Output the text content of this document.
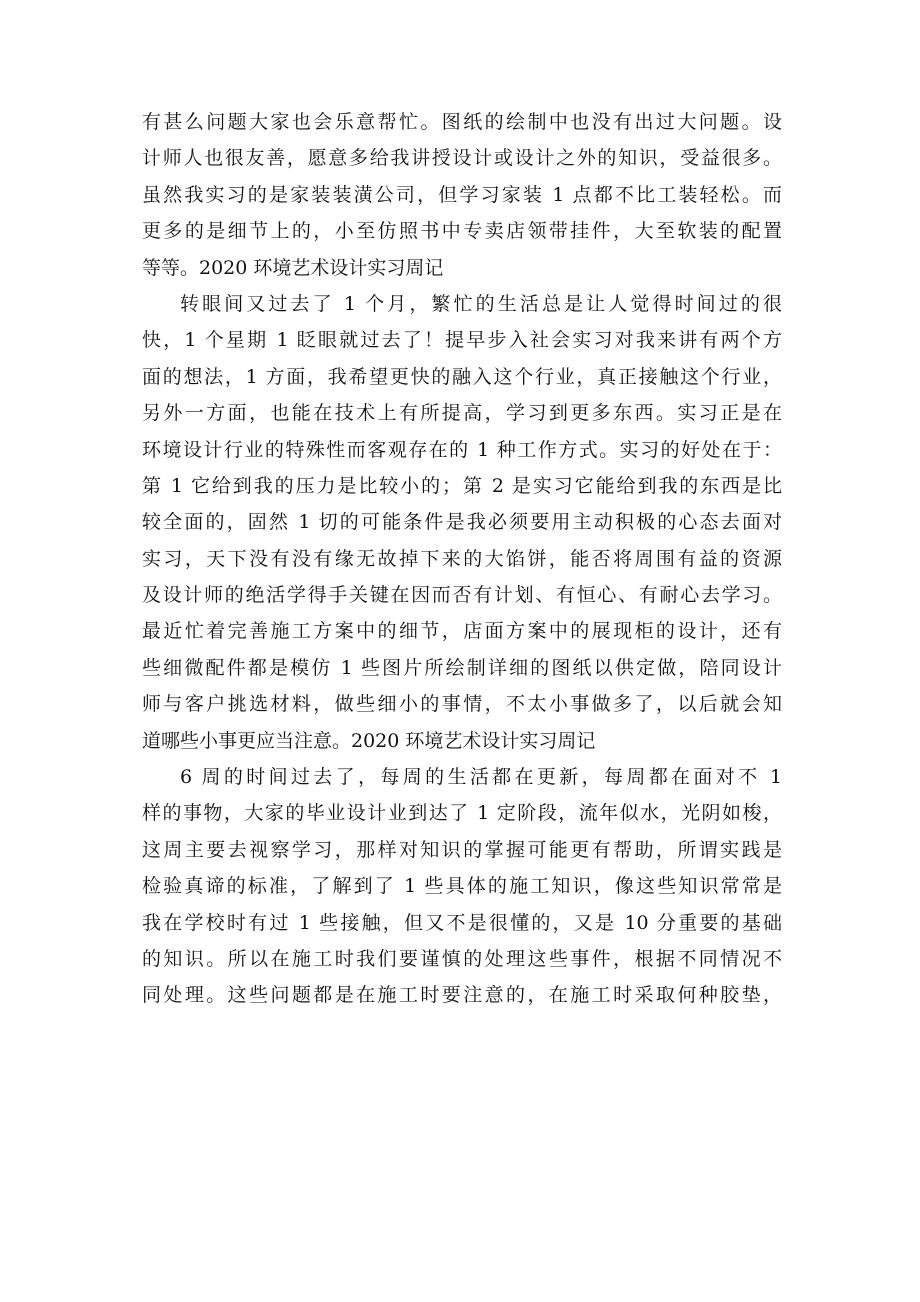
有甚么问题大家也会乐意帮忙。图纸的绘制中也没有出过大问题。设
计师人也很友善，愿意多给我讲授设计或设计之外的知识，受益很多。
虽然我实习的是家装装潢公司，但学习家装 1 点都不比工装轻松。而
更多的是细节上的，小至仿照书中专卖店领带挂件，大至软装的配置
等等。2020 环境艺术设计实习周记
转眼间又过去了 1 个月，繁忙的生活总是让人觉得时间过的很
快，1 个星期 1 眨眼就过去了！提早步入社会实习对我来讲有两个方
面的想法，1 方面，我希望更快的融入这个行业，真正接触这个行业，
另外一方面，也能在技术上有所提高，学习到更多东西。实习正是在
环境设计行业的特殊性而客观存在的 1 种工作方式。实习的好处在于：
第 1 它给到我的压力是比较小的；第 2 是实习它能给到我的东西是比
较全面的，固然 1 切的可能条件是我必须要用主动积极的心态去面对
实习，天下没有没有缘无故掉下来的大馅饼，能否将周围有益的资源
及设计师的绝活学得手关键在因而否有计划、有恒心、有耐心去学习。
最近忙着完善施工方案中的细节，店面方案中的展现柜的设计，还有
些细微配件都是模仿 1 些图片所绘制详细的图纸以供定做，陪同设计
师与客户挑选材料，做些细小的事情，不太小事做多了，以后就会知
道哪些小事更应当注意。2020 环境艺术设计实习周记
6 周的时间过去了，每周的生活都在更新，每周都在面对不 1
样的事物，大家的毕业设计业到达了 1 定阶段，流年似水，光阴如梭，
这周主要去视察学习，那样对知识的掌握可能更有帮助，所谓实践是
检验真谛的标准，了解到了 1 些具体的施工知识，像这些知识常常是
我在学校时有过 1 些接触，但又不是很懂的，又是 10 分重要的基础
的知识。所以在施工时我们要谨慎的处理这些事件，根据不同情况不
同处理。这些问题都是在施工时要注意的，在施工时采取何种胶垫，
